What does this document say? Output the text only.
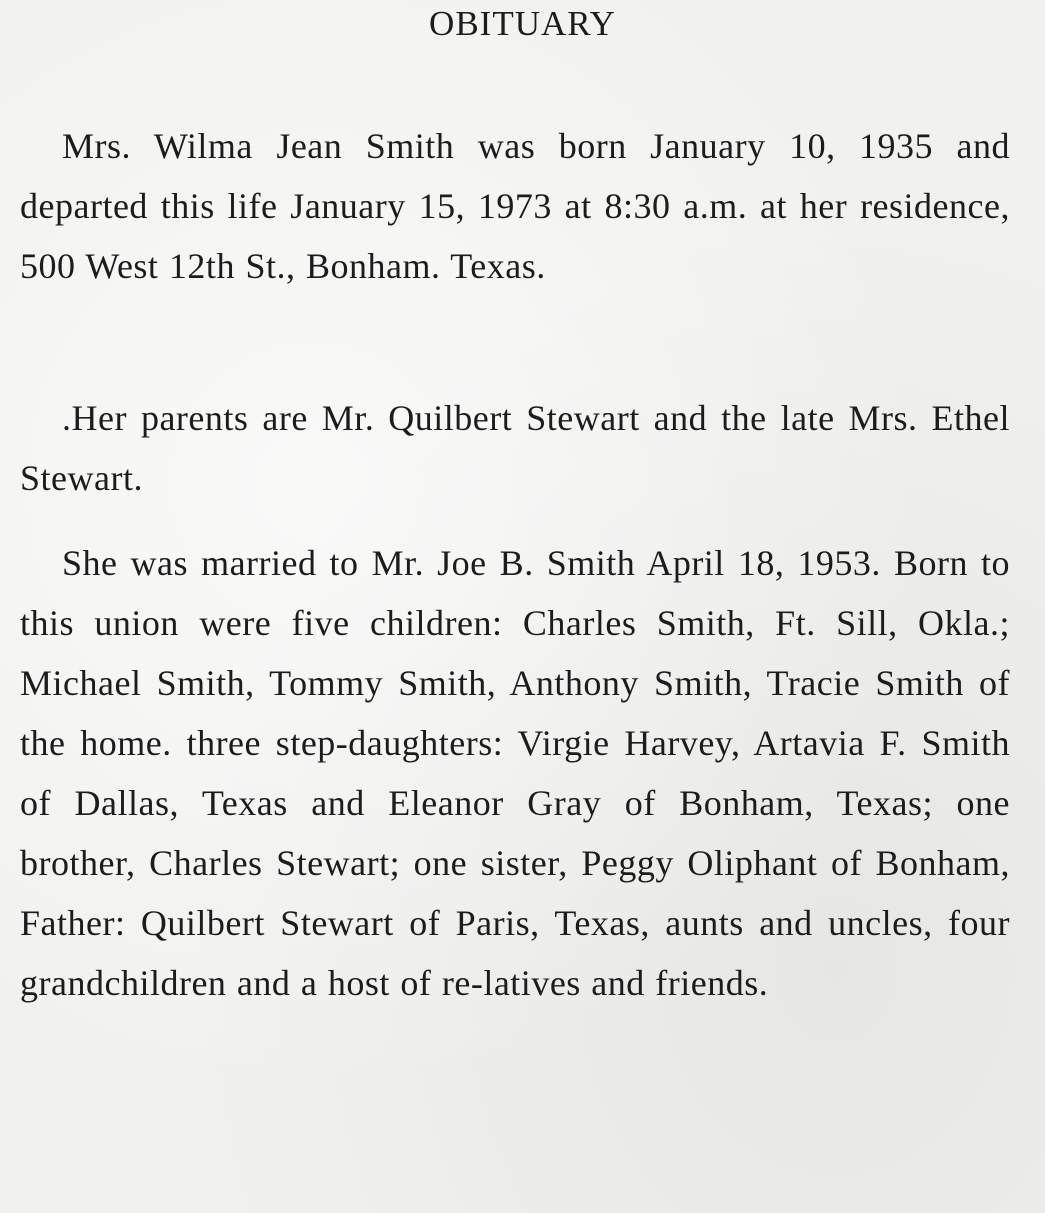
OBITUARY

Mrs. Wilma Jean Smith was born January 10, 1935 and departed this life January 15, 1973 at 8:30 a.m. at her residence, 500 West 12th St., Bonham. Texas.

.Her parents are Mr. Quilbert Stewart and the late Mrs. Ethel Stewart.

She was married to Mr. Joe B. Smith April 18, 1953. Born to this union were five children: Charles Smith, Ft. Sill, Okla.; Michael Smith, Tommy Smith, Anthony Smith, Tracie Smith of the home. three step-daughters: Virgie Harvey, Artavia F. Smith of Dallas, Texas and Eleanor Gray of Bonham, Texas; one brother, Charles Stewart; one sister, Peggy Oliphant of Bonham, Father: Quilbert Stewart of Paris, Texas, aunts and uncles, four grandchildren and a host of re-latives and friends.
